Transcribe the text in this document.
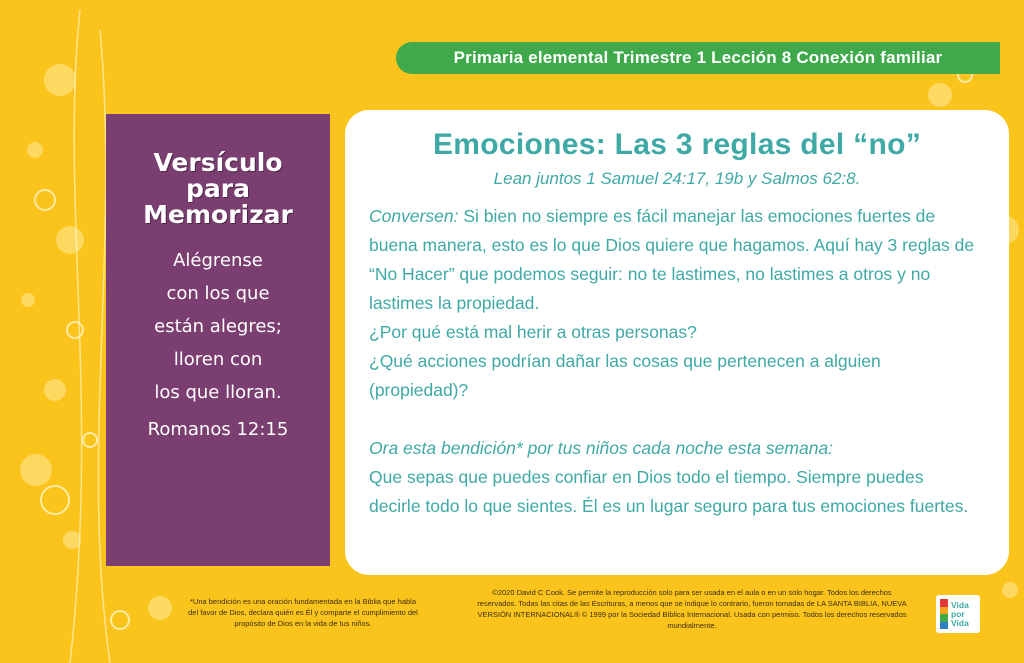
Primaria elemental Trimestre 1 Lección 8 Conexión familiar
Versículo
para
Memorizar
Alégrense
con los que
están alegres;
lloren con
los que lloran.
Romanos 12:15
Emociones: Las 3 reglas del “no”
Lean juntos 1 Samuel 24:17, 19b y Salmos 62:8.

Conversen: Si bien no siempre es fácil manejar las emociones fuertes de buena manera, esto es lo que Dios quiere que hagamos. Aquí hay 3 reglas de “No Hacer” que podemos seguir: no te lastimes, no lastimes a otros y no lastimes la propiedad.

¿Por qué está mal herir a otras personas?

¿Qué acciones podrían dañar las cosas que pertenecen a alguien (propiedad)?

Ora esta bendición* por tus niños cada noche esta semana:

Que sepas que puedes confiar en Dios todo el tiempo. Siempre puedes decirle todo lo que sientes. Él es un lugar seguro para tus emociones fuertes.

*Una bendición es una oración fundamentada en la Biblia que habla del favor de Dios, declara quién es Él y comparte el cumplimiento del propósito de Dios en la vida de tus niños.
©2020 David C Cook. Se permite la reproducción solo para ser usada en el aula o en un solo hogar. Todos los derechos reservados. Todas las citas de las Escrituras, a menos que se indique lo contrario, fueron tomadas de LA SANTA BIBLIA, NUEVA VERSIÓN INTERNACIONAL® © 1999 por la Sociedad Bíblica Internacional. Usada con permiso. Todos los derechos reservados mundialmente.
Vida
por
Vida
